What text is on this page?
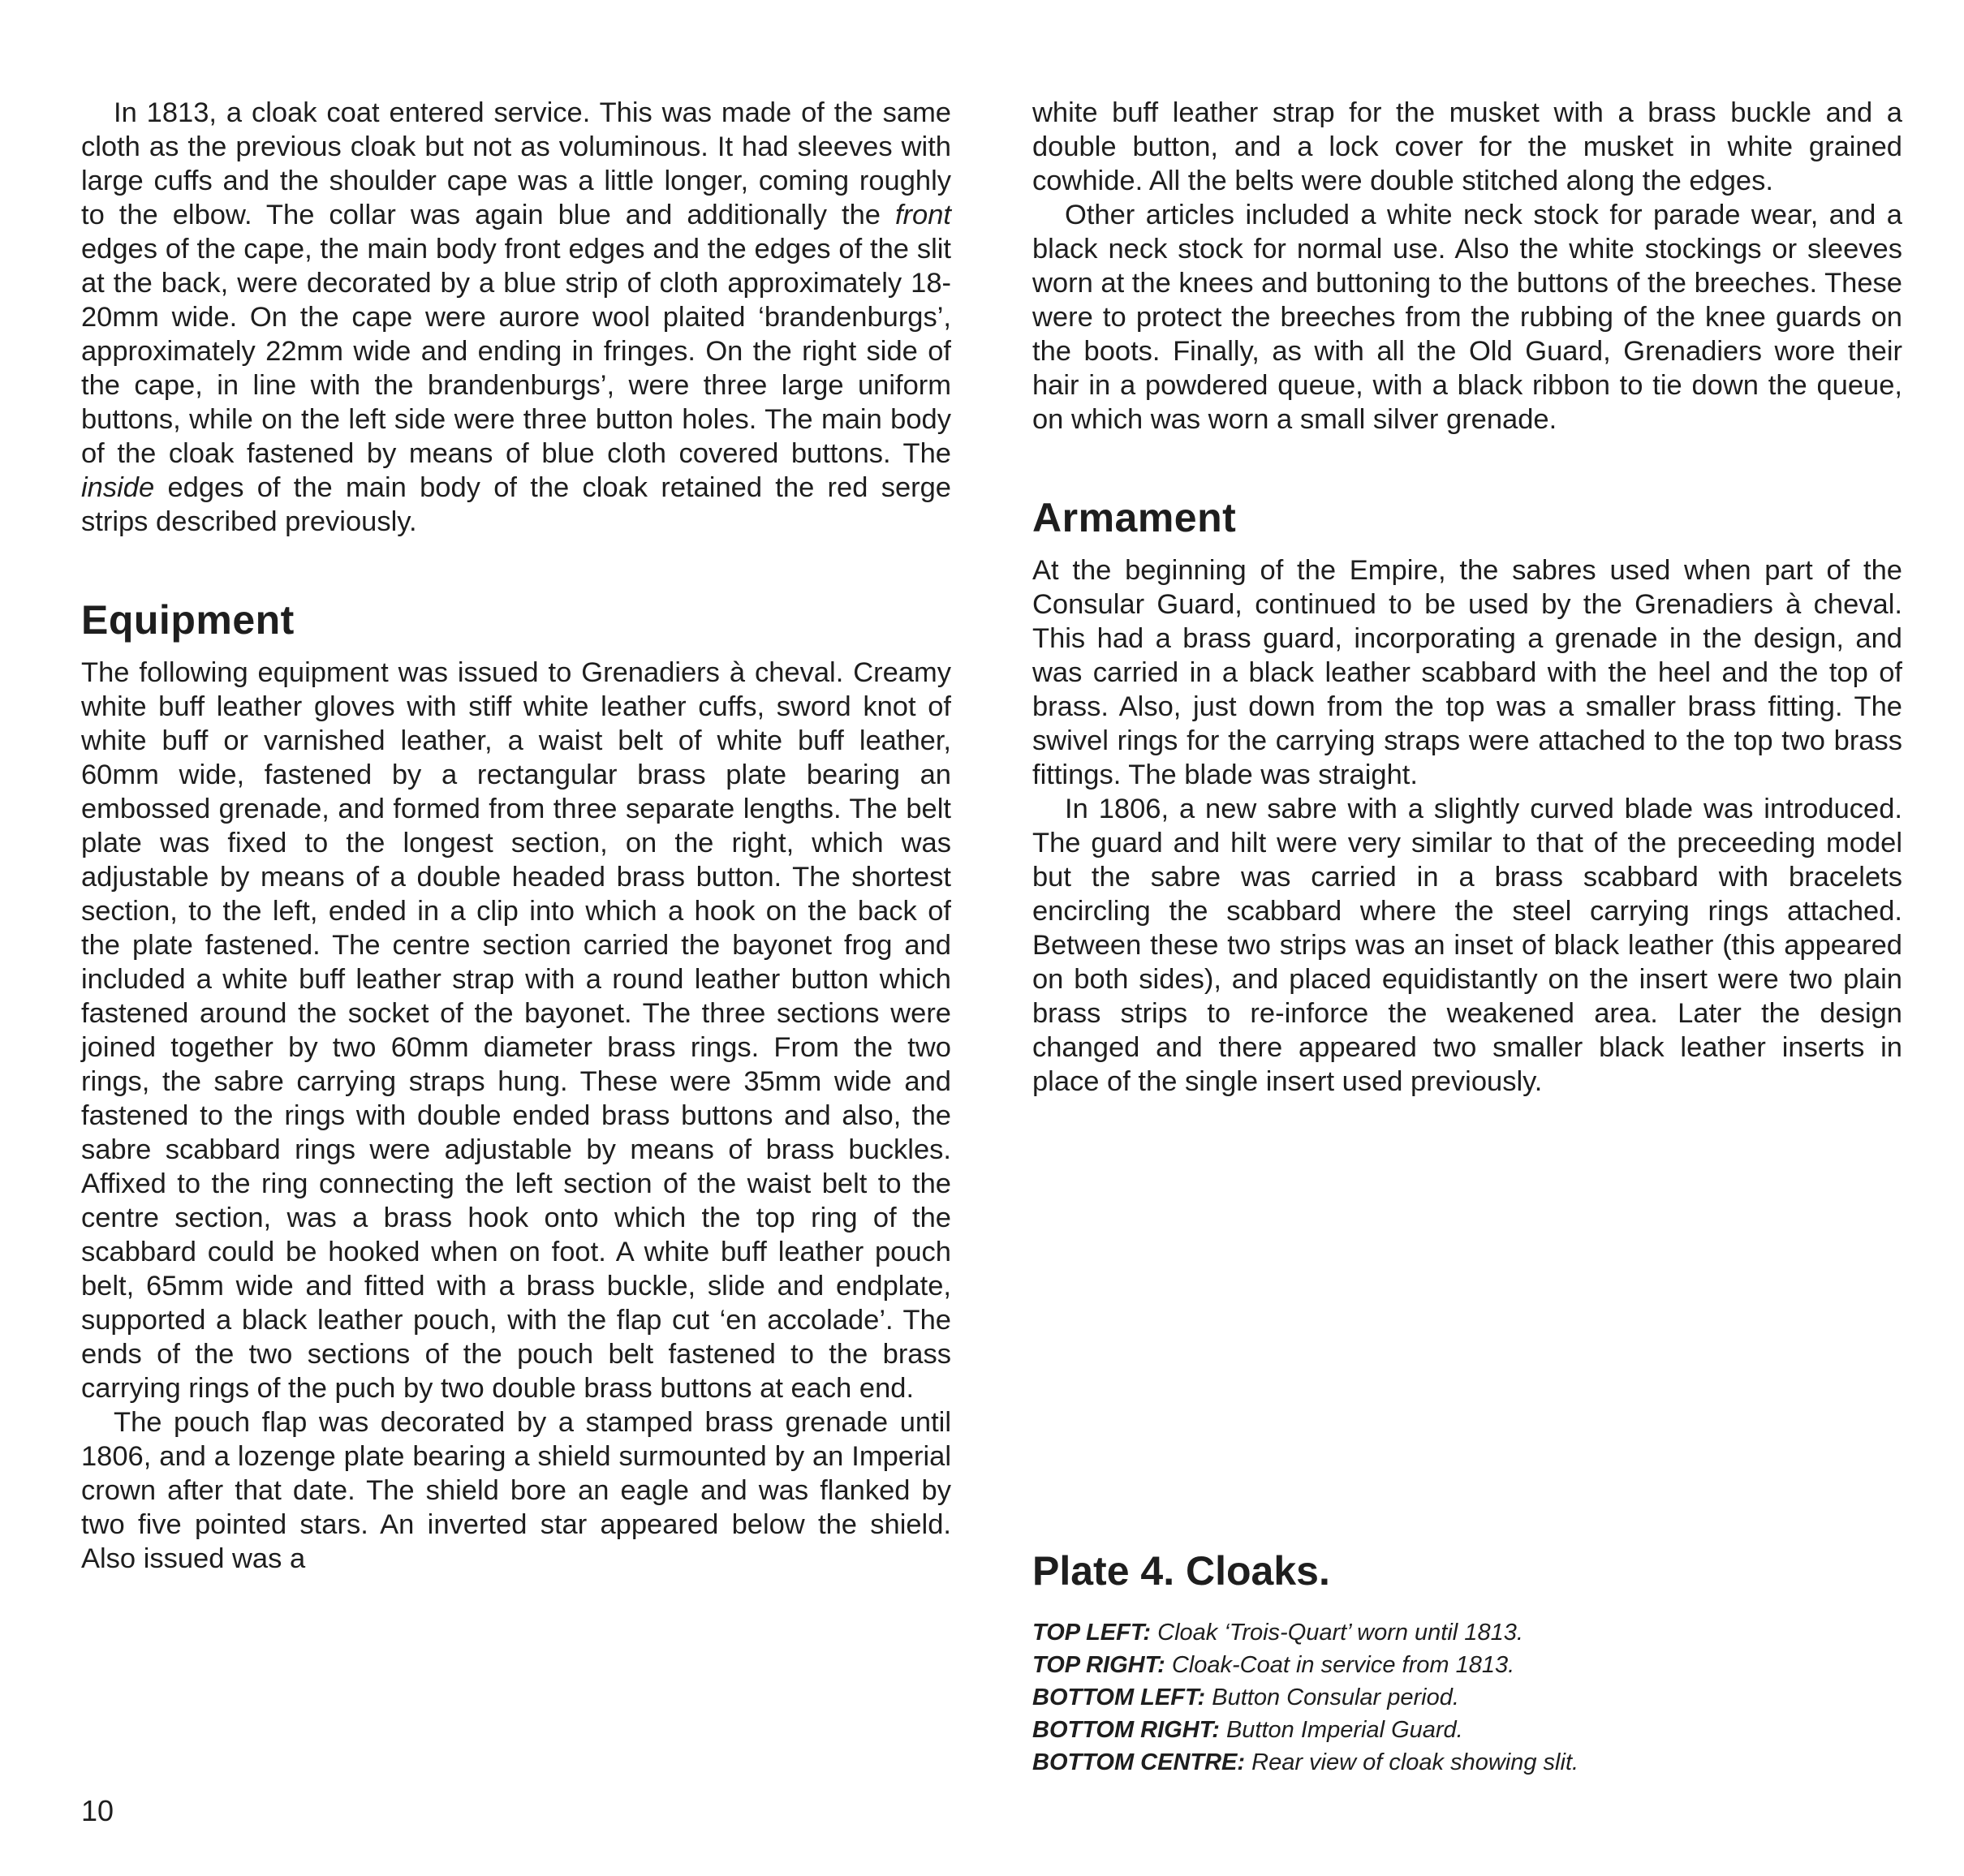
In 1813, a cloak coat entered service. This was made of the same cloth as the previous cloak but not as voluminous. It had sleeves with large cuffs and the shoulder cape was a little longer, coming roughly to the elbow. The collar was again blue and additionally the front edges of the cape, the main body front edges and the edges of the slit at the back, were decorated by a blue strip of cloth approximately 18-20mm wide. On the cape were aurore wool plaited ‘brandenburgs’, approximately 22mm wide and ending in fringes. On the right side of the cape, in line with the brandenburgs’, were three large uniform buttons, while on the left side were three button holes. The main body of the cloak fastened by means of blue cloth covered buttons. The inside edges of the main body of the cloak retained the red serge strips described previously.

Equipment

The following equipment was issued to Grenadiers à cheval. Creamy white buff leather gloves with stiff white leather cuffs, sword knot of white buff or varnished leather, a waist belt of white buff leather, 60mm wide, fastened by a rectangular brass plate bearing an embossed grenade, and formed from three separate lengths. The belt plate was fixed to the longest section, on the right, which was adjustable by means of a double headed brass button. The shortest section, to the left, ended in a clip into which a hook on the back of the plate fastened. The centre section carried the bayonet frog and included a white buff leather strap with a round leather button which fastened around the socket of the bayonet. The three sections were joined together by two 60mm diameter brass rings. From the two rings, the sabre carrying straps hung. These were 35mm wide and fastened to the rings with double ended brass buttons and also, the sabre scabbard rings were adjustable by means of brass buckles. Affixed to the ring connecting the left section of the waist belt to the centre section, was a brass hook onto which the top ring of the scabbard could be hooked when on foot. A white buff leather pouch belt, 65mm wide and fitted with a brass buckle, slide and endplate, supported a black leather pouch, with the flap cut ‘en accolade’. The ends of the two sections of the pouch belt fastened to the brass carrying rings of the puch by two double brass buttons at each end.

The pouch flap was decorated by a stamped brass grenade until 1806, and a lozenge plate bearing a shield surmounted by an Imperial crown after that date. The shield bore an eagle and was flanked by two five pointed stars. An inverted star appeared below the shield. Also issued was a

white buff leather strap for the musket with a brass buckle and a double button, and a lock cover for the musket in white grained cowhide. All the belts were double stitched along the edges.

Other articles included a white neck stock for parade wear, and a black neck stock for normal use. Also the white stockings or sleeves worn at the knees and buttoning to the buttons of the breeches. These were to protect the breeches from the rubbing of the knee guards on the boots. Finally, as with all the Old Guard, Grenadiers wore their hair in a powdered queue, with a black ribbon to tie down the queue, on which was worn a small silver grenade.

Armament

At the beginning of the Empire, the sabres used when part of the Consular Guard, continued to be used by the Grenadiers à cheval. This had a brass guard, incorporating a grenade in the design, and was carried in a black leather scabbard with the heel and the top of brass. Also, just down from the top was a smaller brass fitting. The swivel rings for the carrying straps were attached to the top two brass fittings. The blade was straight.

In 1806, a new sabre with a slightly curved blade was introduced. The guard and hilt were very similar to that of the preceeding model but the sabre was carried in a brass scabbard with bracelets encircling the scabbard where the steel carrying rings attached. Between these two strips was an inset of black leather (this appeared on both sides), and placed equidistantly on the insert were two plain brass strips to re-inforce the weakened area. Later the design changed and there appeared two smaller black leather inserts in place of the single insert used previously.

Plate 4. Cloaks.
TOP LEFT: Cloak ‘Trois-Quart’ worn until 1813.
TOP RIGHT: Cloak-Coat in service from 1813.
BOTTOM LEFT: Button Consular period.
BOTTOM RIGHT: Button Imperial Guard.
BOTTOM CENTRE: Rear view of cloak showing slit.
10
